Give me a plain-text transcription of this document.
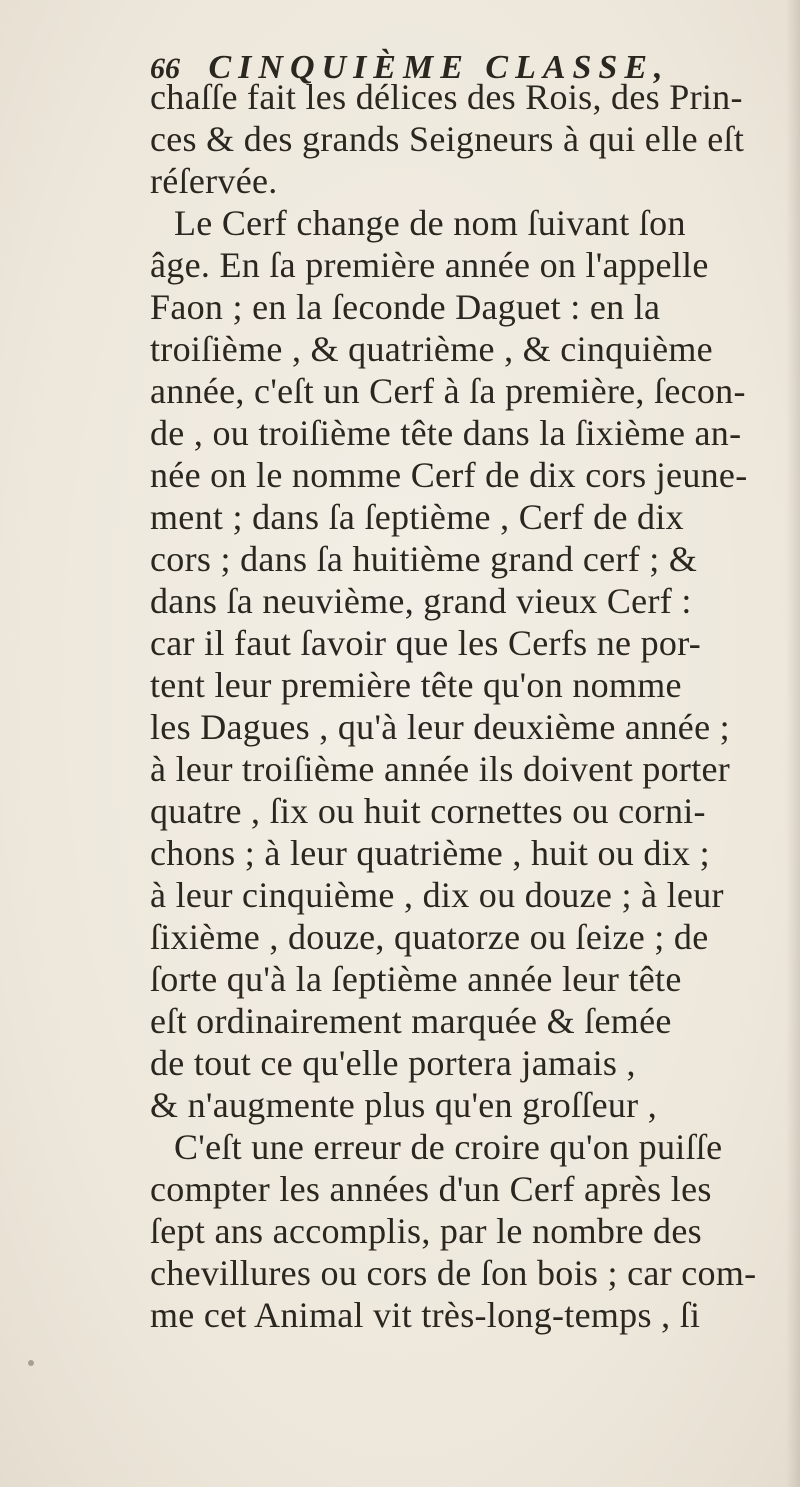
66 CINQUIÈME CLASSE,
chaſſe fait les délices des Rois, des Prin-
ces & des grands Seigneurs à qui elle eſt
réſervée.
Le Cerf change de nom ſuivant ſon
âge. En ſa première année on l'appelle
Faon ; en la ſeconde Daguet : en la
troiſième , & quatrième , & cinquième
année, c'eſt un Cerf à ſa première, ſecon-
de , ou troiſième tête dans la ſixième an-
née on le nomme Cerf de dix cors jeune-
ment ; dans ſa ſeptième , Cerf de dix
cors ; dans ſa huitième grand cerf ; &
dans ſa neuvième, grand vieux Cerf :
car il faut ſavoir que les Cerfs ne por-
tent leur première tête qu'on nomme
les Dagues , qu'à leur deuxième année ;
à leur troiſième année ils doivent porter
quatre , ſix ou huit cornettes ou corni-
chons ; à leur quatrième , huit ou dix ;
à leur cinquième , dix ou douze ; à leur
ſixième , douze, quatorze ou ſeize ; de
ſorte qu'à la ſeptième année leur tête
eſt ordinairement marquée & ſemée
de tout ce qu'elle portera jamais ,
& n'augmente plus qu'en groſſeur ,
C'eſt une erreur de croire qu'on puiſſe
compter les années d'un Cerf après les
ſept ans accomplis, par le nombre des
chevillures ou cors de ſon bois ; car com-
me cet Animal vit très-long-temps , ſi
